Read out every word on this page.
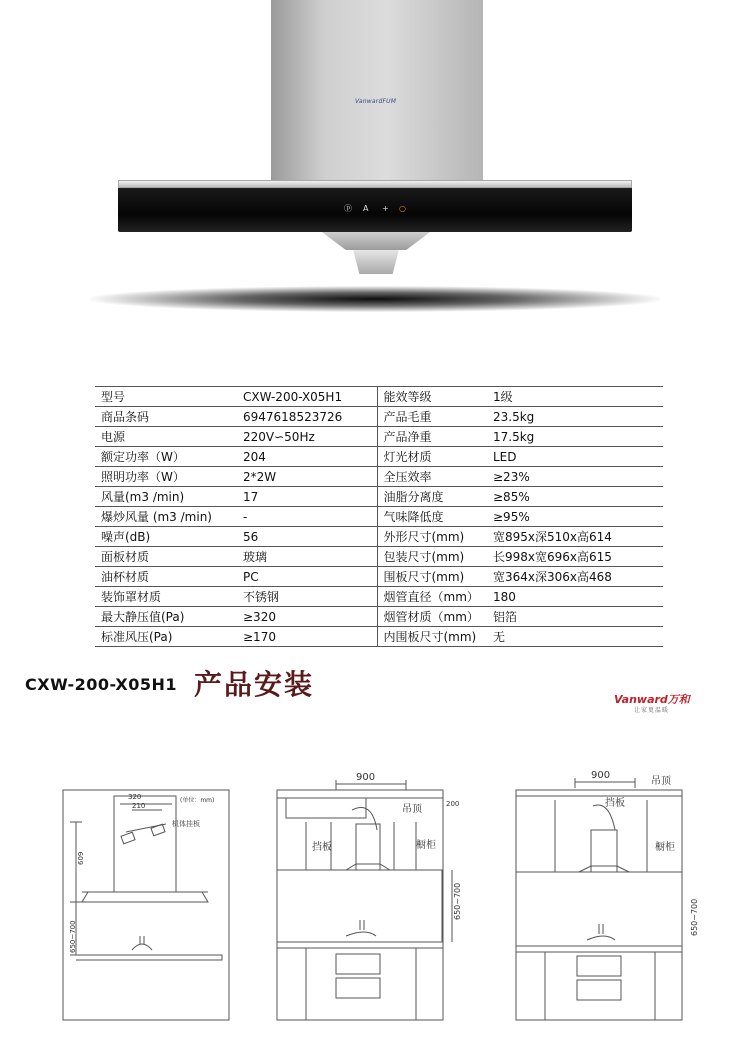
VanwardFUM
ⓟ A + ○
型号	CXW-200-X05H1	能效等级	1级
商品条码	6947618523726	产品毛重	23.5kg
电源	220V∽50Hz	产品净重	17.5kg
额定功率（W）	204	灯光材质	LED
照明功率（W）	2*2W	全压效率	≥23%
风量(m3 /min)	17	油脂分离度	≥85%
爆炒风量 (m3 /min)	-	气味降低度	≥95%
噪声(dB)	56	外形尺寸(mm)	宽895x深510x高614
面板材质	玻璃	包装尺寸(mm)	长998x宽696x高615
油杯材质	PC	围板尺寸(mm)	宽364x深306x高468
装饰罩材质	不锈钢	烟管直径（mm）	180
最大静压值(Pa)	≥320	烟管材质（mm）	铝箔
标准风压(Pa)	≥170	内围板尺寸(mm)	无
CXW-200-X05H1 产品安装	Vanward万和
让家更温暖
320
210
(单位：mm)
机体挂板
609
650~700
900
200
吊顶
挡板	橱柜
650~700
900
吊顶
挡板
橱柜
650~700
